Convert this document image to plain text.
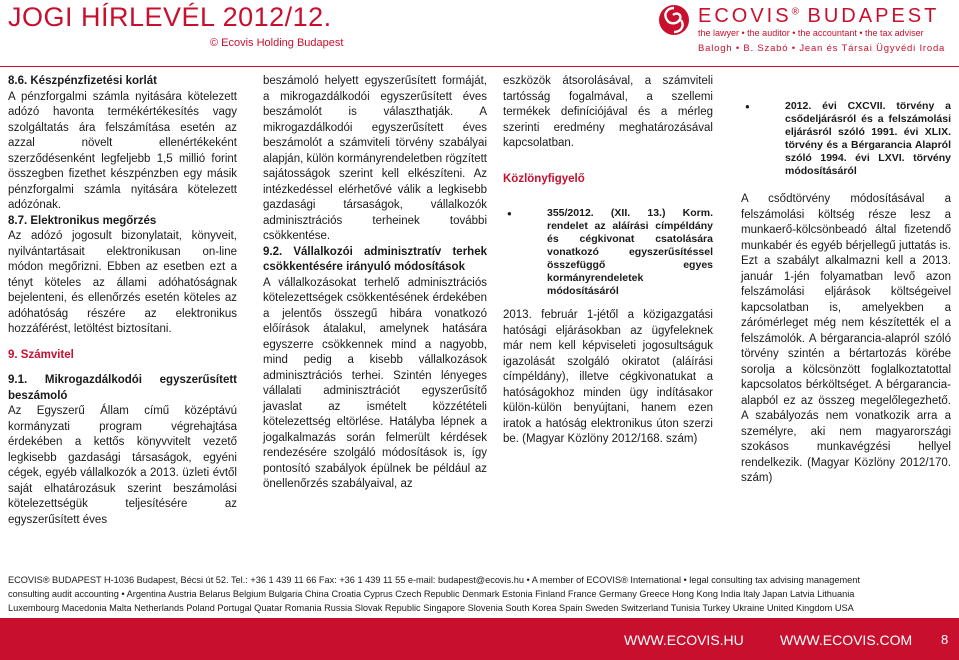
JOGI HÍRLEVÉL 2012/12.
© Ecovis Holding Budapest
ECOVIS® BUDAPEST
the lawyer • the auditor • the accountant • the tax adviser
Balogh • B. Szabó • Jean és Társai Ügyvédi Iroda

8.6. Készpénzfizetési korlát

A pénzforgalmi számla nyitására kötelezett adózó havonta termékértékesítés vagy szolgáltatás ára felszámítása esetén az azzal növelt ellenértékeként szerződésenként legfeljebb 1,5 millió forint összegben fizethet készpénzben egy másik pénzforgalmi számla nyitására kötelezett adózónak.

8.7. Elektronikus megőrzés

Az adózó jogosult bizonylatait, könyveit, nyilvántartásait elektronikusan on-line módon megőrizni. Ebben az esetben ezt a tényt köteles az állami adóhatóságnak bejelenteni, és ellenőrzés esetén köteles az adóhatóság részére az elektronikus hozzáférést, letöltést biztosítani.

9. Számvitel

9.1. Mikrogazdálkodói egyszerűsített beszámoló

Az Egyszerű Állam című középtávú kormányzati program végrehajtása érdekében a kettős könyvvitelt vezető legkisebb gazdasági társaságok, egyéni cégek, egyéb vállalkozók a 2013. üzleti évtől saját elhatározásuk szerint beszámolási kötelezettségük teljesítésére az egyszerűsített éves

beszámoló helyett egyszerűsített formáját, a mikrogazdálkodói egyszerűsített éves beszámolót is választhatják. A mikrogazdálkodói egyszerűsített éves beszámolót a számviteli törvény szabályai alapján, külön kormányrendeletben rögzített sajátosságok szerint kell elkészíteni. Az intézkedéssel elérhetővé válik a legkisebb gazdasági társaságok, vállalkozók adminisztrációs terheinek további csökkentése.

9.2. Vállalkozói adminisztratív terhek csökkentésére irányuló módosítások

A vállalkozásokat terhelő adminisztrációs kötelezettségek csökkentésének érdekében a jelentős összegű hibára vonatkozó előírások átalakul, amelynek hatására egyszerre csökkennek mind a nagyobb, mind pedig a kisebb vállalkozások adminisztrációs terhei. Szintén lényeges vállalati adminisztrációt egyszerűsítő javaslat az ismételt közzétételi kötelezettség eltörlése. Hatályba lépnek a jogalkalmazás során felmerült kérdések rendezésére szolgáló módosítások is, így pontosító szabályok épülnek be például az önellenőrzés szabályaival, az

eszközök átsorolásával, a számviteli tartósság fogalmával, a szellemi termékek definíciójával és a mérleg szerinti eredmény meghatározásával kapcsolatban.

Közlönyfigyelő

● 355/2012. (XII. 13.) Korm. rendelet az aláírási címpéldány és cégkivonat csatolására vonatkozó egyszerűsítéssel összefüggő egyes kormányrendeletek módosításáról

2013. február 1-jétől a közigazgatási hatósági eljárásokban az ügyfeleknek már nem kell képviseleti jogosultságuk igazolását szolgáló okiratot (aláírási címpéldány), illetve cégkivonatukat a hatóságokhoz minden ügy indításakor külön-külön benyújtani, hanem ezen iratok a hatóság elektronikus úton szerzi be. (Magyar Közlöny 2012/168. szám)

● 2012. évi CXCVII. törvény a csődeljárásról és a felszámolási eljárásról szóló 1991. évi XLIX. törvény és a Bérgarancia Alapról szóló 1994. évi LXVI. törvény módosításáról

A csődtörvény módosításával a felszámolási költség része lesz a munkaerő-kölcsönbeadó által fizetendő munkabér és egyéb bérjellegű juttatás is. Ezt a szabályt alkalmazni kell a 2013. január 1-jén folyamatban levő azon felszámolási eljárások költségeivel kapcsolatban is, amelyekben a zárómérleget még nem készítették el a felszámolók. A bérgarancia-alapról szóló törvény szintén a bértartozás körébe sorolja a kölcsönzött foglalkoztatottal kapcsolatos bérköltséget. A bérgarancia-alapból ez az összeg megelőlegezhető. A szabályozás nem vonatkozik arra a személyre, aki nem magyarországi szokásos munkavégzési hellyel rendelkezik. (Magyar Közlöny 2012/170. szám)

ECOVIS® BUDAPEST H-1036 Budapest, Bécsi út 52. Tel.: +36 1 439 11 66 Fax: +36 1 439 11 55 e-mail: budapest@ecovis.hu • A member of ECOVIS® International • legal consulting tax advising management

consulting audit accounting • Argentina Austria Belarus Belgium Bulgaria China Croatia Cyprus Czech Republic Denmark Estonia Finland France Germany Greece Hong Kong India Italy Japan Latvia Lithuania

Luxembourg Macedonia Malta Netherlands Poland Portugal Quatar Romania Russia Slovak Republic Singapore Slovenia South Korea Spain Sweden Switzerland Tunisia Turkey Ukraine United Kingdom USA

WWW.ECOVIS.HU	WWW.ECOVIS.COM 8
